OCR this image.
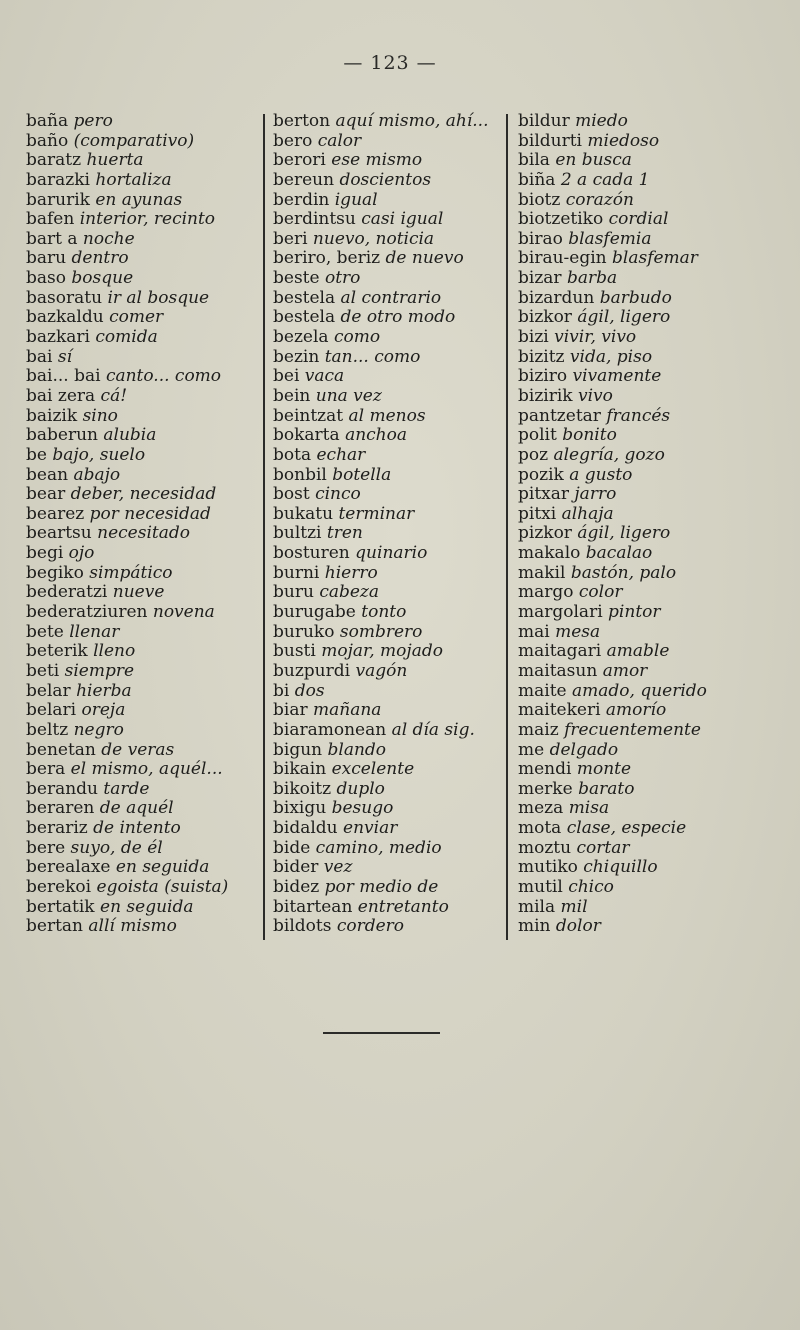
— 123 —
baña pero
baño (comparativo)
baratz huerta
barazki hortaliza
barurik en ayunas
bafen interior, recinto
bart a noche
baru dentro
baso bosque
basoratu ir al bosque
bazkaldu comer
bazkari comida
bai sí
bai... bai canto... como
bai zera cá!
baizik sino
baberun alubia
be bajo, suelo
bean abajo
bear deber, necesidad
bearez por necesidad
beartsu necesitado
begi ojo
begiko simpático
bederatzi nueve
bederatziuren novena
bete llenar
beterik lleno
beti siempre
belar hierba
belari oreja
beltz negro
benetan de veras
bera el mismo, aquél...
berandu tarde
beraren de aquél
berariz de intento
bere suyo, de él
berealaxe en seguida
berekoi egoista (suista)
bertatik en seguida
bertan allí mismo
berton aquí mismo, ahí...
bero calor
berori ese mismo
bereun doscientos
berdin igual
berdintsu casi igual
beri nuevo, noticia
beriro, beriz de nuevo
beste otro
bestela al contrario
bestela de otro modo
bezela como
bezin tan... como
bei vaca
bein una vez
beintzat al menos
bokarta anchoa
bota echar
bonbil botella
bost cinco
bukatu terminar
bultzi tren
bosturen quinario
burni hierro
buru cabeza
burugabe tonto
buruko sombrero
busti mojar, mojado
buzpurdi vagón
bi dos
biar mañana
biaramonean al día sig.
bigun blando
bikain excelente
bikoitz duplo
bixigu besugo
bidaldu enviar
bide camino, medio
bider vez
bidez por medio de
bitartean entretanto
bildots cordero
bildur miedo
bildurti miedoso
bila en busca
biña 2 a cada 1
biotz corazón
biotzetiko cordial
birao blasfemia
birau-egin blasfemar
bizar barba
bizardun barbudo
bizkor ágil, ligero
bizi vivir, vivo
bizitz vida, piso
biziro vivamente
bizirik vivo
pantzetar francés
polit bonito
poz alegría, gozo
pozik a gusto
pitxar jarro
pitxi alhaja
pizkor ágil, ligero
makalo bacalao
makil bastón, palo
margo color
margolari pintor
mai mesa
maitagari amable
maitasun amor
maite amado, querido
maitekeri amorío
maiz frecuentemente
me delgado
mendi monte
merke barato
meza misa
mota clase, especie
moztu cortar
mutiko chiquillo
mutil chico
mila mil
min dolor
